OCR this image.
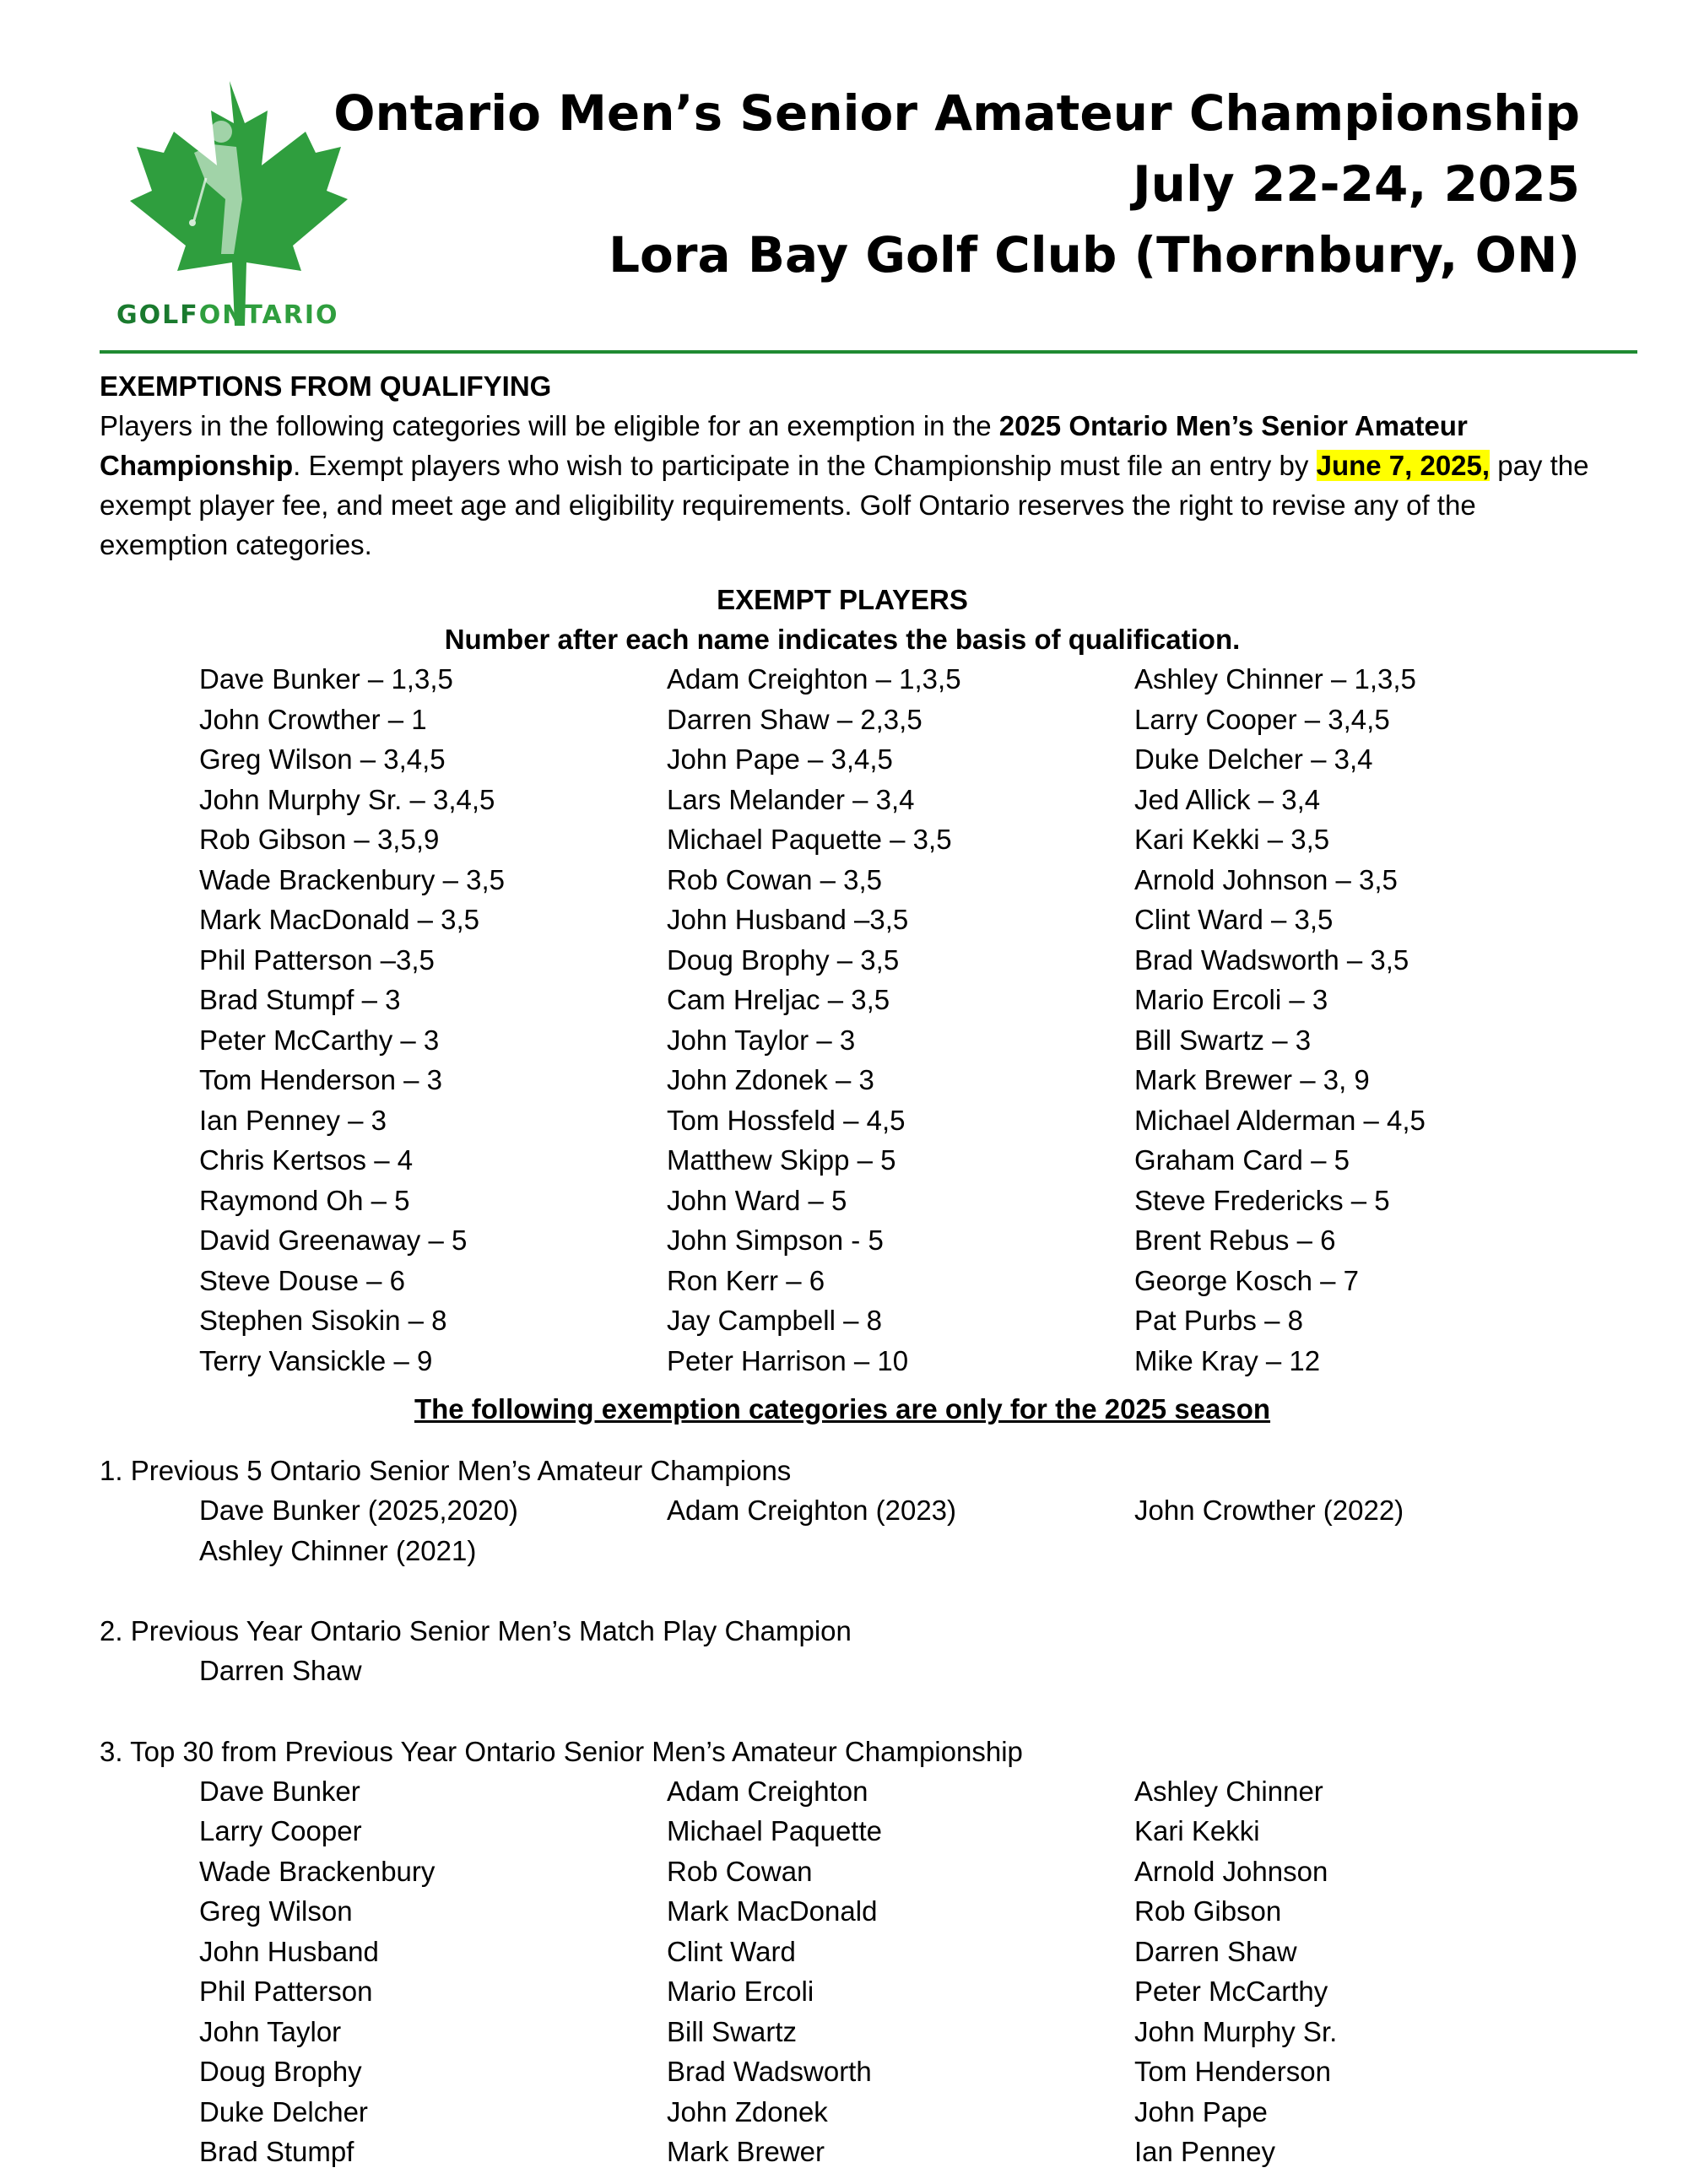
GOLFONTARIO
Ontario Men’s Senior Amateur Championship
July 22-24, 2025
Lora Bay Golf Club (Thornbury, ON)
EXEMPTIONS FROM QUALIFYING

Players in the following categories will be eligible for an exemption in the 2025 Ontario Men’s Senior Amateur Championship. Exempt players who wish to participate in the Championship must file an entry by June 7, 2025, pay the exempt player fee, and meet age and eligibility requirements. Golf Ontario reserves the right to revise any of the exemption categories.

EXEMPT PLAYERS
Number after each name indicates the basis of qualification.
Dave Bunker – 1,3,5	Adam Creighton – 1,3,5	Ashley Chinner – 1,3,5
John Crowther – 1	Darren Shaw – 2,3,5	Larry Cooper – 3,4,5
Greg Wilson – 3,4,5	John Pape – 3,4,5	Duke Delcher – 3,4
John Murphy Sr. – 3,4,5	Lars Melander – 3,4	Jed Allick – 3,4
Rob Gibson – 3,5,9	Michael Paquette – 3,5	Kari Kekki – 3,5
Wade Brackenbury – 3,5	Rob Cowan – 3,5	Arnold Johnson – 3,5
Mark MacDonald – 3,5	John Husband –3,5	Clint Ward – 3,5
Phil Patterson –3,5	Doug Brophy – 3,5	Brad Wadsworth – 3,5
Brad Stumpf – 3	Cam Hreljac – 3,5	Mario Ercoli – 3
Peter McCarthy – 3	John Taylor – 3	Bill Swartz – 3
Tom Henderson – 3	John Zdonek – 3	Mark Brewer – 3, 9
Ian Penney – 3	Tom Hossfeld – 4,5	Michael Alderman – 4,5
Chris Kertsos – 4	Matthew Skipp – 5	Graham Card – 5
Raymond Oh – 5	John Ward – 5	Steve Fredericks – 5
David Greenaway – 5	John Simpson - 5	Brent Rebus – 6
Steve Douse – 6	Ron Kerr – 6	George Kosch – 7
Stephen Sisokin – 8	Jay Campbell – 8	Pat Purbs – 8
Terry Vansickle – 9	Peter Harrison – 10	Mike Kray – 12
The following exemption categories are only for the 2025 season
1. Previous 5 Ontario Senior Men’s Amateur Champions
Dave Bunker (2025,2020)	Adam Creighton (2023)	John Crowther (2022)
Ashley Chinner (2021)
2. Previous Year Ontario Senior Men’s Match Play Champion
Darren Shaw
3. Top 30 from Previous Year Ontario Senior Men’s Amateur Championship
Dave Bunker	Adam Creighton	Ashley Chinner
Larry Cooper	Michael Paquette	Kari Kekki
Wade Brackenbury	Rob Cowan	Arnold Johnson
Greg Wilson	Mark MacDonald	Rob Gibson
John Husband	Clint Ward	Darren Shaw
Phil Patterson	Mario Ercoli	Peter McCarthy
John Taylor	Bill Swartz	John Murphy Sr.
Doug Brophy	Brad Wadsworth	Tom Henderson
Duke Delcher	John Zdonek	John Pape
Brad Stumpf	Mark Brewer	Ian Penney
